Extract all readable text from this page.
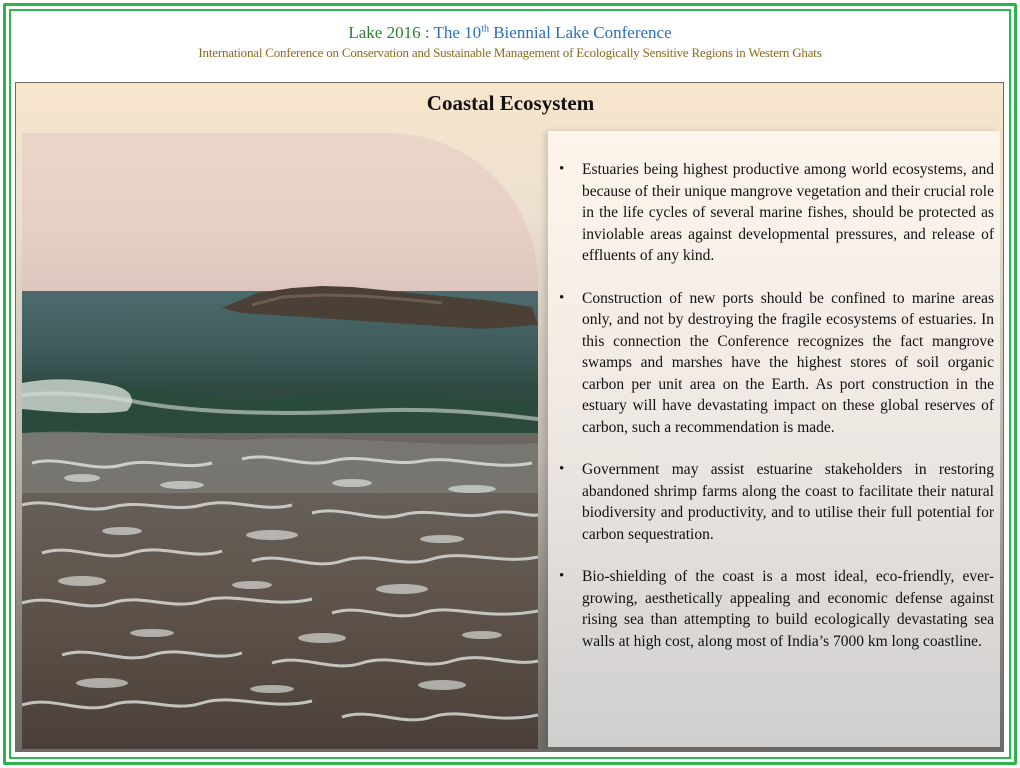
Lake 2016 : The 10th Biennial Lake Conference
International Conference on Conservation and Sustainable Management of Ecologically Sensitive Regions in Western Ghats
Coastal Ecosystem
• Estuaries being highest productive among world ecosystems, and because of their unique mangrove vegetation and their crucial role in the life cycles of several marine fishes, should be protected as inviolable areas against developmental pressures, and release of effluents of any kind.
• Construction of new ports should be confined to marine areas only, and not by destroying the fragile ecosystems of estuaries. In this connection the Conference recognizes the fact mangrove swamps and marshes have the highest stores of soil organic carbon per unit area on the Earth. As port construction in the estuary will have devastating impact on these global reserves of carbon, such a recommendation is made.
• Government may assist estuarine stakeholders in restoring abandoned shrimp farms along the coast to facilitate their natural biodiversity and productivity, and to utilise their full potential for carbon sequestration.
• Bio-shielding of the coast is a most ideal, eco-friendly, ever-growing, aesthetically appealing and economic defense against rising sea than attempting to build ecologically devastating sea walls at high cost, along most of India’s 7000 km long coastline.
